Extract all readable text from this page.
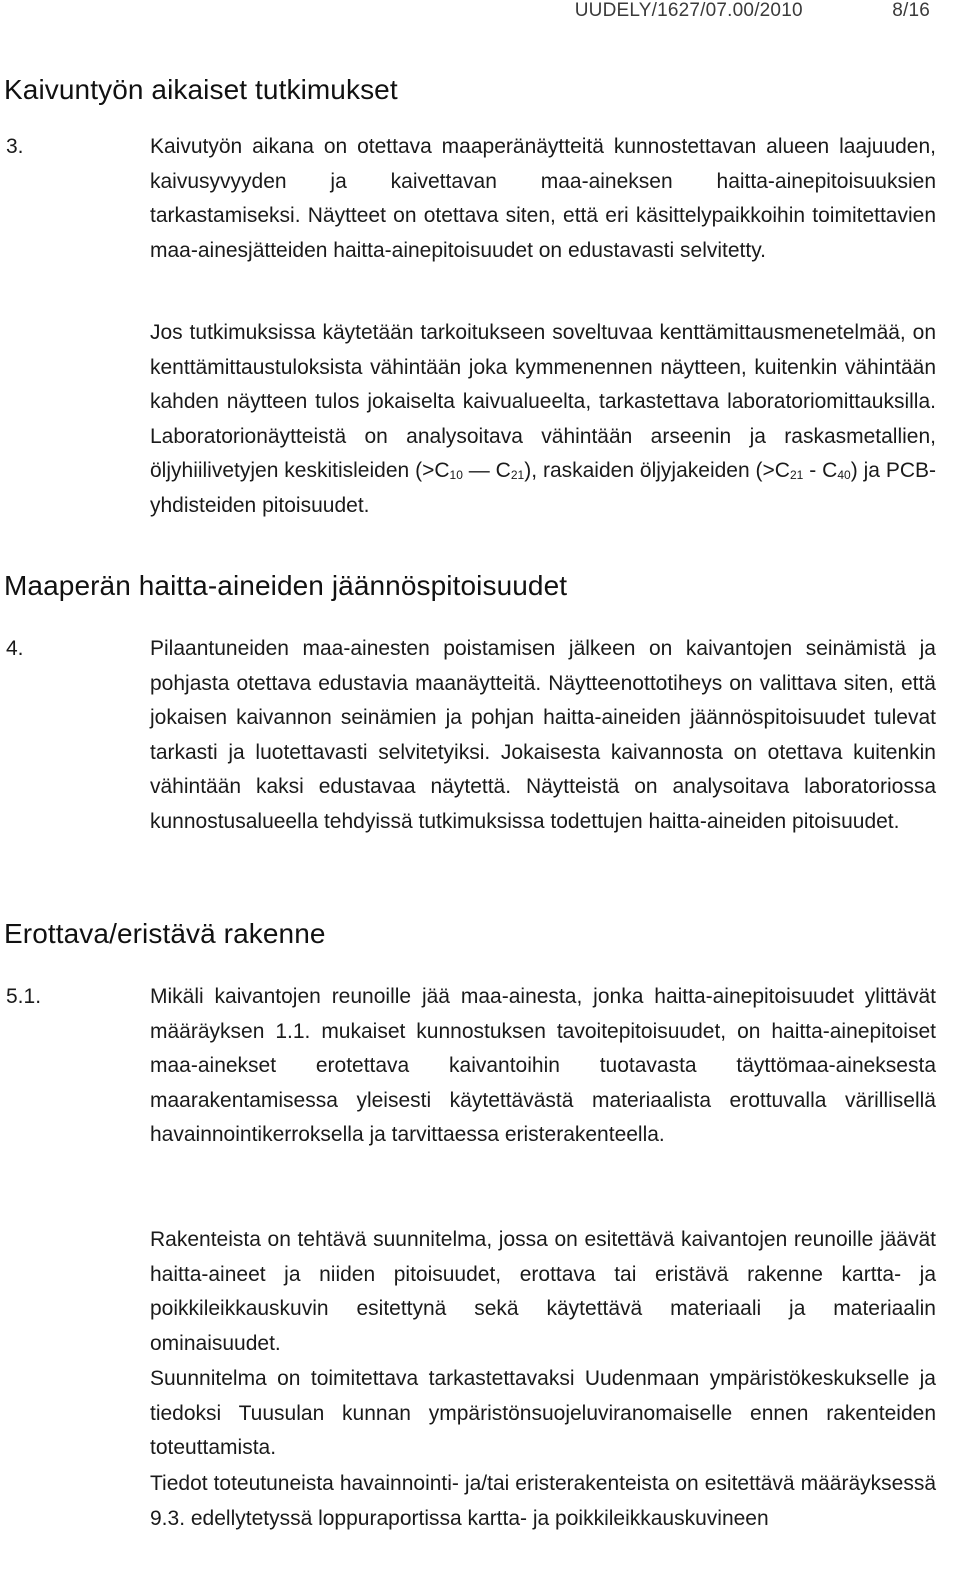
UUDELY/1627/07.00/2010	8/16
Kaivuntyön aikaiset tutkimukset

3.	Kaivutyön aikana on otettava maaperänäytteitä kunnostettavan alueen laajuuden, kaivusyvyyden ja kaivettavan maa-aineksen haitta-ainepitoisuuksien tarkastamiseksi. Näytteet on otettava siten, että eri käsittelypaikkoihin toimitettavien maa-ainesjätteiden haitta-ainepitoisuudet on edustavasti selvitetty.

Jos tutkimuksissa käytetään tarkoitukseen soveltuvaa kenttämittausmenetelmää, on kenttämittaustuloksista vähintään joka kymmenennen näytteen, kuitenkin vähintään kahden näytteen tulos jokaiselta kaivualueelta, tarkastettava laboratoriomittauksilla. Laboratorionäytteistä on analysoitava vähintään arseenin ja raskasmetallien, öljyhiilivetyjen keskitisleiden ($>C_{10}$ — $C_{21}$), raskaiden öljyjakeiden $(>C_{21} - C_{40})$ ja PCB-yhdisteiden pitoisuudet.

Maaperän haitta-aineiden jäännöspitoisuudet

4.	Pilaantuneiden maa-ainesten poistamisen jälkeen on kaivantojen seinämistä ja pohjasta otettava edustavia maanäytteitä. Näytteenottotiheys on valittava siten, että jokaisen kaivannon seinämien ja pohjan haitta-aineiden jäännöspitoisuudet tulevat tarkasti ja luotettavasti selvitetyiksi. Jokaisesta kaivannosta on otettava kuitenkin vähintään kaksi edustavaa näytettä. Näytteistä on analysoitava laboratoriossa kunnostusalueella tehdyissä tutkimuksissa todettujen haitta-aineiden pitoisuudet.

Erottava/eristävä rakenne

5.1.	Mikäli kaivantojen reunoille jää maa-ainesta, jonka haitta-ainepitoisuudet ylittävät määräyksen 1.1. mukaiset kunnostuksen tavoitepitoisuudet, on haitta-ainepitoiset maa-ainekset erotettava kaivantoihin tuotavasta täyttömaa-aineksesta maarakentamisessa yleisesti käytettävästä materiaalista erottuvalla värillisellä havainnointikerroksella ja tarvittaessa eristerakenteella.

Rakenteista on tehtävä suunnitelma, jossa on esitettävä kaivantojen reunoille jäävät haitta-aineet ja niiden pitoisuudet, erottava tai eristävä rakenne kartta- ja poikkileikkauskuvin esitettynä sekä käytettävä materiaali ja materiaalin ominaisuudet.

Suunnitelma on toimitettava tarkastettavaksi Uudenmaan ympäristökeskukselle ja tiedoksi Tuusulan kunnan ympäristönsuojeluviranomaiselle ennen rakenteiden toteuttamista.

Tiedot toteutuneista havainnointi- ja/tai eristerakenteista on esitettävä määräyksessä 9.3. edellytetyssä loppuraportissa kartta- ja poikkileikkauskuvineen
